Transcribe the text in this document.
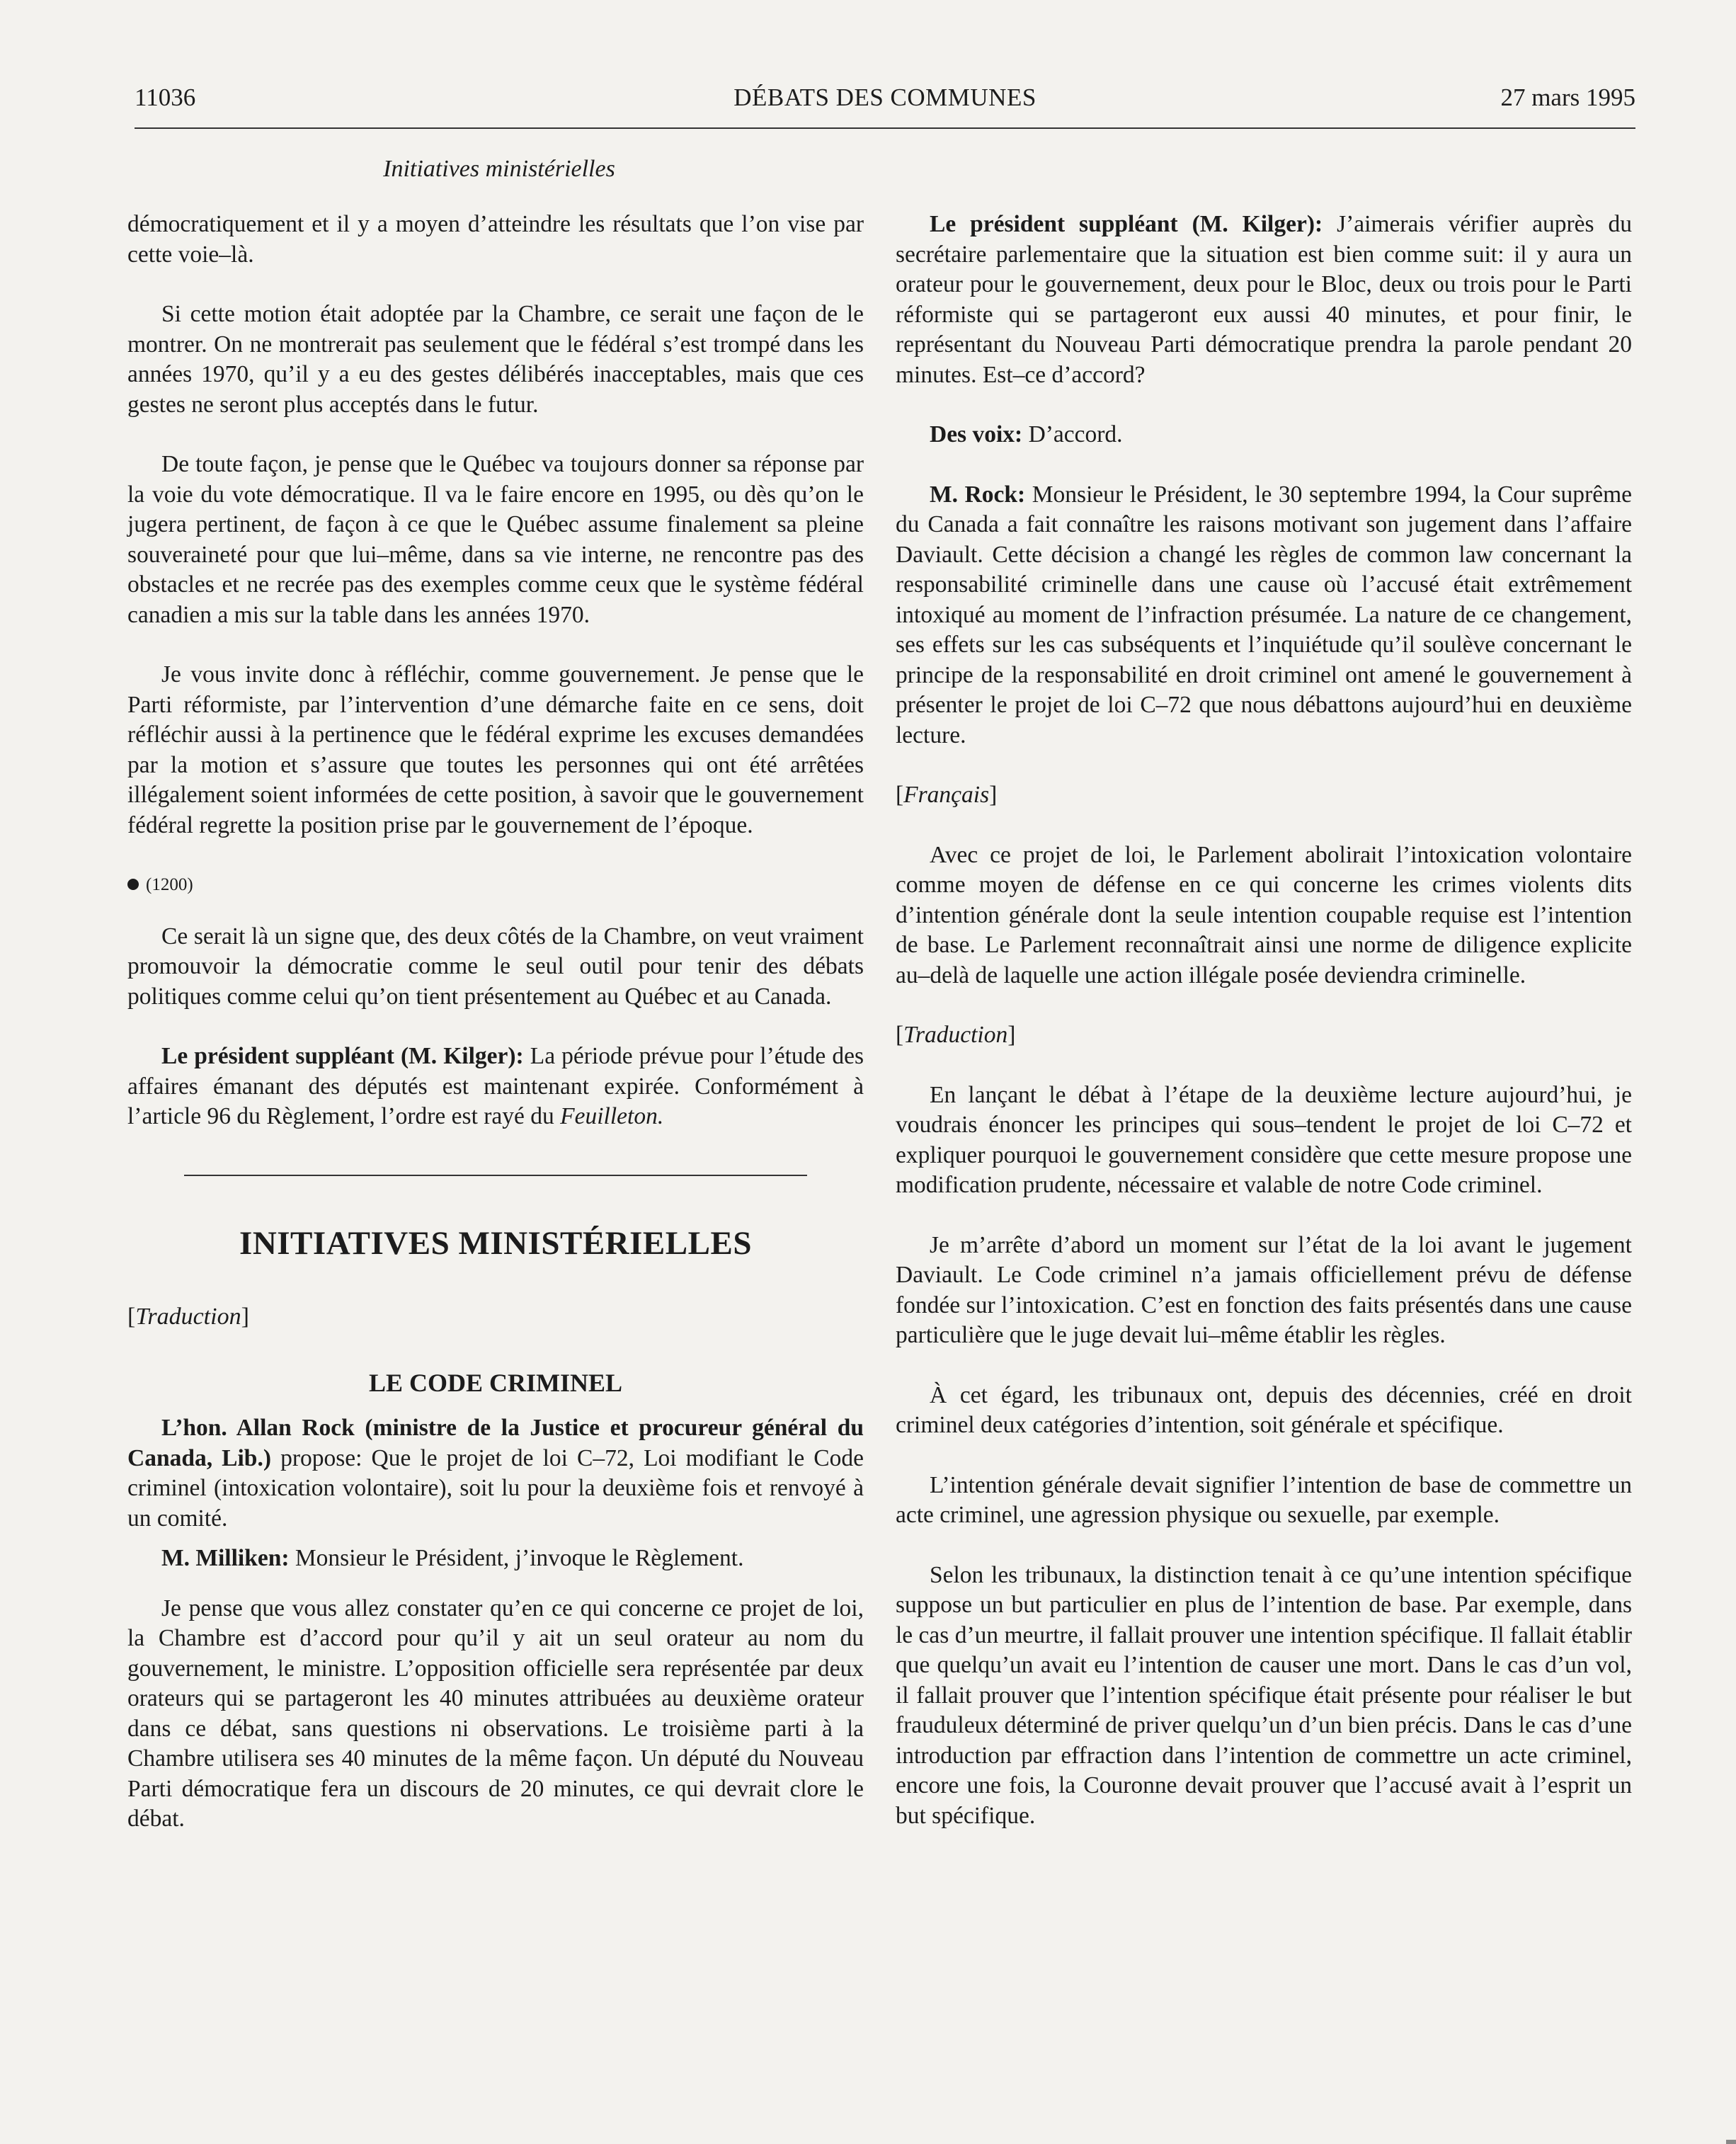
11036	DÉBATS DES COMMUNES	27 mars 1995
Initiatives ministérielles

démocratiquement et il y a moyen d’atteindre les résultats que l’on vise par cette voie–là.

Si cette motion était adoptée par la Chambre, ce serait une façon de le montrer. On ne montrerait pas seulement que le fédéral s’est trompé dans les années 1970, qu’il y a eu des gestes délibérés inacceptables, mais que ces gestes ne seront plus acceptés dans le futur.

De toute façon, je pense que le Québec va toujours donner sa réponse par la voie du vote démocratique. Il va le faire encore en 1995, ou dès qu’on le jugera pertinent, de façon à ce que le Québec assume finalement sa pleine souveraineté pour que lui–même, dans sa vie interne, ne rencontre pas des obstacles et ne recrée pas des exemples comme ceux que le système fédéral canadien a mis sur la table dans les années 1970.

Je vous invite donc à réfléchir, comme gouvernement. Je pense que le Parti réformiste, par l’intervention d’une démarche faite en ce sens, doit réfléchir aussi à la pertinence que le fédéral exprime les excuses demandées par la motion et s’assure que toutes les personnes qui ont été arrêtées illégalement soient informées de cette position, à savoir que le gouvernement fédéral regrette la position prise par le gouvernement de l’époque.

(1200)

Ce serait là un signe que, des deux côtés de la Chambre, on veut vraiment promouvoir la démocratie comme le seul outil pour tenir des débats politiques comme celui qu’on tient présentement au Québec et au Canada.

Le président suppléant (M. Kilger): La période prévue pour l’étude des affaires émanant des députés est maintenant expirée. Conformément à l’article 96 du Règlement, l’ordre est rayé du Feuilleton.

INITIATIVES MINISTÉRIELLES
[Traduction]
LE CODE CRIMINEL

L’hon. Allan Rock (ministre de la Justice et procureur général du Canada, Lib.) propose: Que le projet de loi C–72, Loi modifiant le Code criminel (intoxication volontaire), soit lu pour la deuxième fois et renvoyé à un comité.

M. Milliken: Monsieur le Président, j’invoque le Règlement.

Je pense que vous allez constater qu’en ce qui concerne ce projet de loi, la Chambre est d’accord pour qu’il y ait un seul orateur au nom du gouvernement, le ministre. L’opposition officielle sera représentée par deux orateurs qui se partageront les 40 minutes attribuées au deuxième orateur dans ce débat, sans questions ni observations. Le troisième parti à la Chambre utilisera ses 40 minutes de la même façon. Un député du Nouveau Parti démocratique fera un discours de 20 minutes, ce qui devrait clore le débat.

Le président suppléant (M. Kilger): J’aimerais vérifier auprès du secrétaire parlementaire que la situation est bien comme suit: il y aura un orateur pour le gouvernement, deux pour le Bloc, deux ou trois pour le Parti réformiste qui se partageront eux aussi 40 minutes, et pour finir, le représentant du Nouveau Parti démocratique prendra la parole pendant 20 minutes. Est–ce d’accord?

Des voix: D’accord.

M. Rock: Monsieur le Président, le 30 septembre 1994, la Cour suprême du Canada a fait connaître les raisons motivant son jugement dans l’affaire Daviault. Cette décision a changé les règles de common law concernant la responsabilité criminelle dans une cause où l’accusé était extrêmement intoxiqué au moment de l’infraction présumée. La nature de ce changement, ses effets sur les cas subséquents et l’inquiétude qu’il soulève concernant le principe de la responsabilité en droit criminel ont amené le gouvernement à présenter le projet de loi C–72 que nous débattons aujourd’hui en deuxième lecture.

[Français]

Avec ce projet de loi, le Parlement abolirait l’intoxication volontaire comme moyen de défense en ce qui concerne les crimes violents dits d’intention générale dont la seule intention coupable requise est l’intention de base. Le Parlement reconnaîtrait ainsi une norme de diligence explicite au–delà de laquelle une action illégale posée deviendra criminelle.

[Traduction]

En lançant le débat à l’étape de la deuxième lecture aujourd’hui, je voudrais énoncer les principes qui sous–tendent le projet de loi C–72 et expliquer pourquoi le gouvernement considère que cette mesure propose une modification prudente, nécessaire et valable de notre Code criminel.

Je m’arrête d’abord un moment sur l’état de la loi avant le jugement Daviault. Le Code criminel n’a jamais officiellement prévu de défense fondée sur l’intoxication. C’est en fonction des faits présentés dans une cause particulière que le juge devait lui–même établir les règles.

À cet égard, les tribunaux ont, depuis des décennies, créé en droit criminel deux catégories d’intention, soit générale et spécifique.

L’intention générale devait signifier l’intention de base de commettre un acte criminel, une agression physique ou sexuelle, par exemple.

Selon les tribunaux, la distinction tenait à ce qu’une intention spécifique suppose un but particulier en plus de l’intention de base. Par exemple, dans le cas d’un meurtre, il fallait prouver une intention spécifique. Il fallait établir que quelqu’un avait eu l’intention de causer une mort. Dans le cas d’un vol, il fallait prouver que l’intention spécifique était présente pour réaliser le but frauduleux déterminé de priver quelqu’un d’un bien précis. Dans le cas d’une introduction par effraction dans l’intention de commettre un acte criminel, encore une fois, la Couronne devait prouver que l’accusé avait à l’esprit un but spécifique.
